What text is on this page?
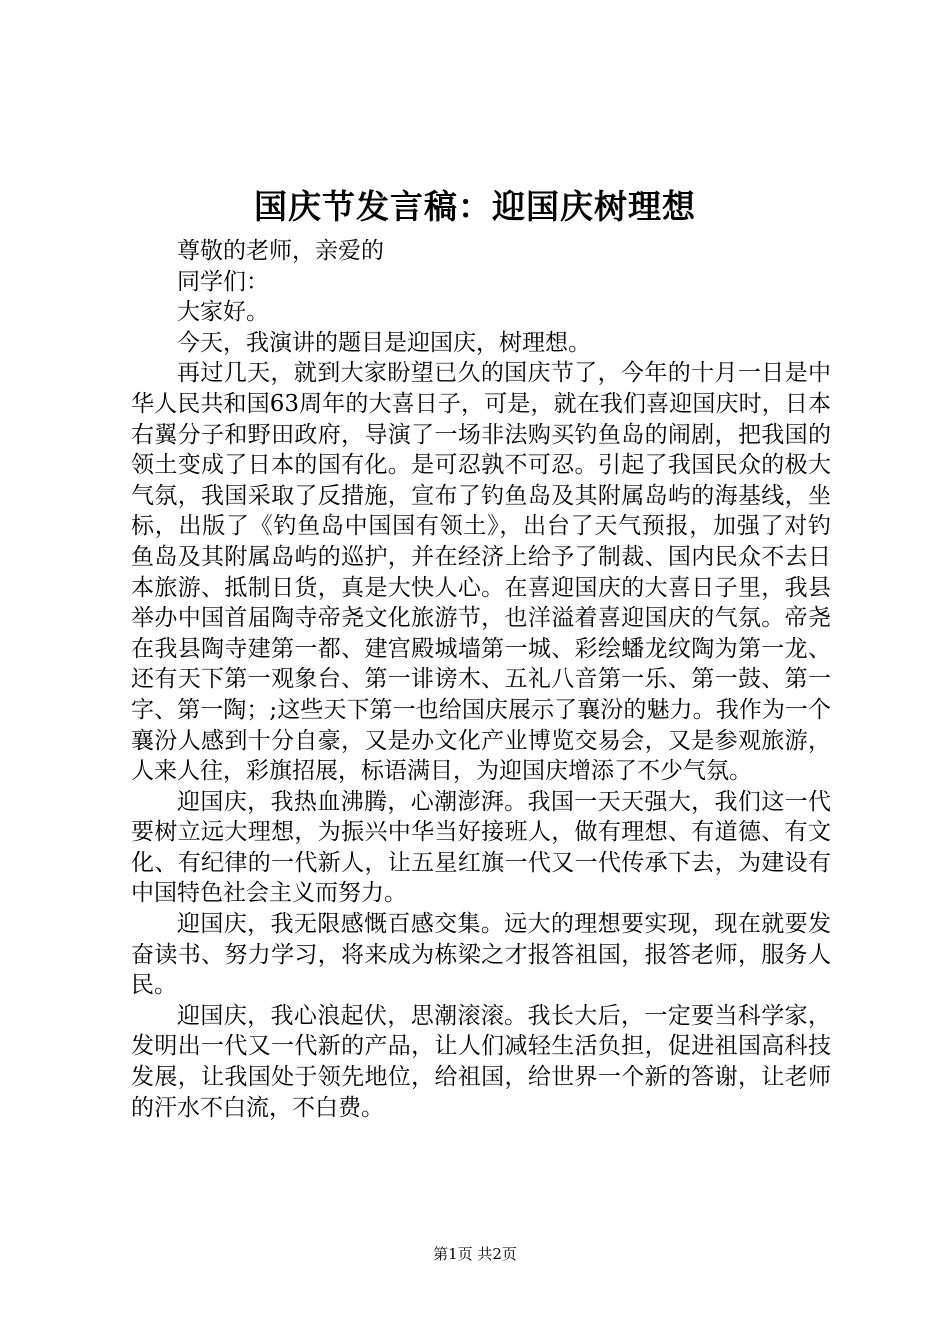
国庆节发言稿：迎国庆树理想

尊敬的老师，亲爱的

同学们：

大家好。

今天，我演讲的题目是迎国庆，树理想。

再过几天，就到大家盼望已久的国庆节了，今年的十月一日是中华人民共和国63周年的大喜日子，可是，就在我们喜迎国庆时，日本右翼分子和野田政府，导演了一场非法购买钓鱼岛的闹剧，把我国的领土变成了日本的国有化。是可忍孰不可忍。引起了我国民众的极大气氛，我国采取了反措施，宣布了钓鱼岛及其附属岛屿的海基线，坐标，出版了《钓鱼岛中国国有领土》，出台了天气预报，加强了对钓鱼岛及其附属岛屿的巡护，并在经济上给予了制裁、国内民众不去日本旅游、抵制日货，真是大快人心。在喜迎国庆的大喜日子里，我县举办中国首届陶寺帝尧文化旅游节，也洋溢着喜迎国庆的气氛。帝尧在我县陶寺建第一都、建宫殿城墙第一城、彩绘蟠龙纹陶为第一龙、还有天下第一观象台、第一诽谤木、五礼八音第一乐、第一鼓、第一字、第一陶；;这些天下第一也给国庆展示了襄汾的魅力。我作为一个襄汾人感到十分自豪，又是办文化产业博览交易会，又是参观旅游，人来人往，彩旗招展，标语满目，为迎国庆增添了不少气氛。

迎国庆，我热血沸腾，心潮澎湃。我国一天天强大，我们这一代要树立远大理想，为振兴中华当好接班人，做有理想、有道德、有文化、有纪律的一代新人，让五星红旗一代又一代传承下去，为建设有中国特色社会主义而努力。

迎国庆，我无限感慨百感交集。远大的理想要实现，现在就要发奋读书、努力学习，将来成为栋梁之才报答祖国，报答老师，服务人民。

迎国庆，我心浪起伏，思潮滚滚。我长大后，一定要当科学家，发明出一代又一代新的产品，让人们减轻生活负担，促进祖国高科技发展，让我国处于领先地位，给祖国，给世界一个新的答谢，让老师的汗水不白流，不白费。

第1页 共2页
